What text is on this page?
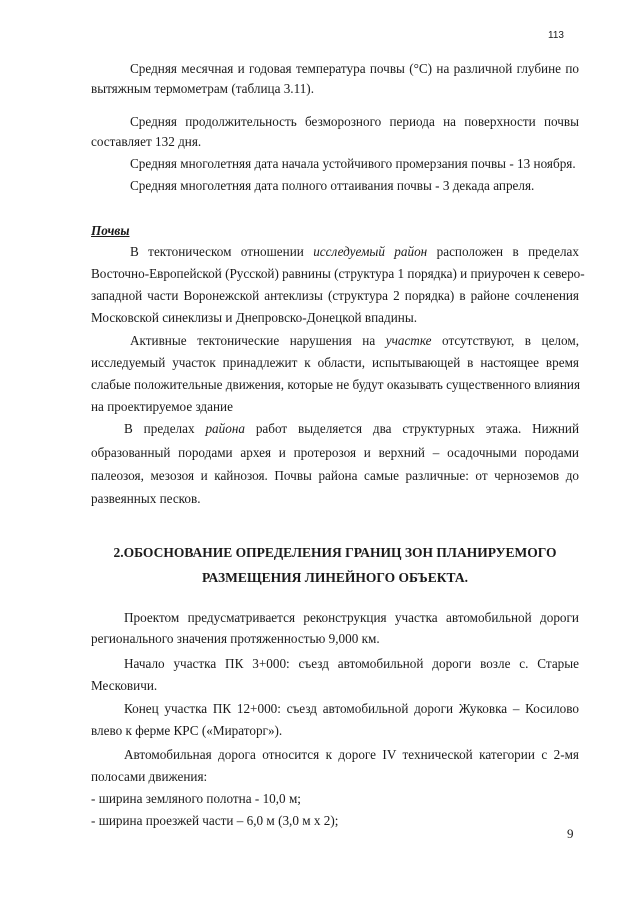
113
Средняя месячная и годовая температура почвы (°С) на различной глубине по
вытяжным термометрам (таблица 3.11).
Средняя продолжительность безморозного периода на поверхности почвы
составляет 132 дня.
Средняя многолетняя дата начала устойчивого промерзания почвы - 13 ноября.
Средняя многолетняя дата полного оттаивания почвы - 3 декада апреля.
Почвы
В тектоническом отношении исследуемый район расположен в пределах
Восточно-Европейской (Русской) равнины (структура 1 порядка) и приурочен к северо-
западной части Воронежской антеклизы (структура 2 порядка) в районе сочленения
Московской синеклизы и Днепровско-Донецкой впадины.
Активные тектонические нарушения на участке отсутствуют, в целом,
исследуемый участок принадлежит к области, испытывающей в настоящее время
слабые положительные движения, которые не будут оказывать существенного влияния
на проектируемое здание
В пределах района работ выделяется два структурных этажа. Нижний
образованный породами архея и протерозоя и верхний – осадочными породами
палеозоя, мезозоя и кайнозоя. Почвы района самые различные: от черноземов до
развеянных песков.
2.ОБОСНОВАНИЕ ОПРЕДЕЛЕНИЯ ГРАНИЦ ЗОН ПЛАНИРУЕМОГО
РАЗМЕЩЕНИЯ ЛИНЕЙНОГО ОБЪЕКТА.
Проектом предусматривается реконструкция участка автомобильной дороги
регионального значения протяженностью 9,000 км.
Начало участка ПК 3+000: съезд автомобильной дороги возле с. Старые
Месковичи.
Конец участка ПК 12+000: съезд автомобильной дороги Жуковка – Косилово
влево к ферме КРС («Мираторг»).
Автомобильная дорога относится к дороге IV технической категории с 2-мя
полосами движения:
- ширина земляного полотна - 10,0 м;
- ширина проезжей части – 6,0 м (3,0 м х 2);
9
